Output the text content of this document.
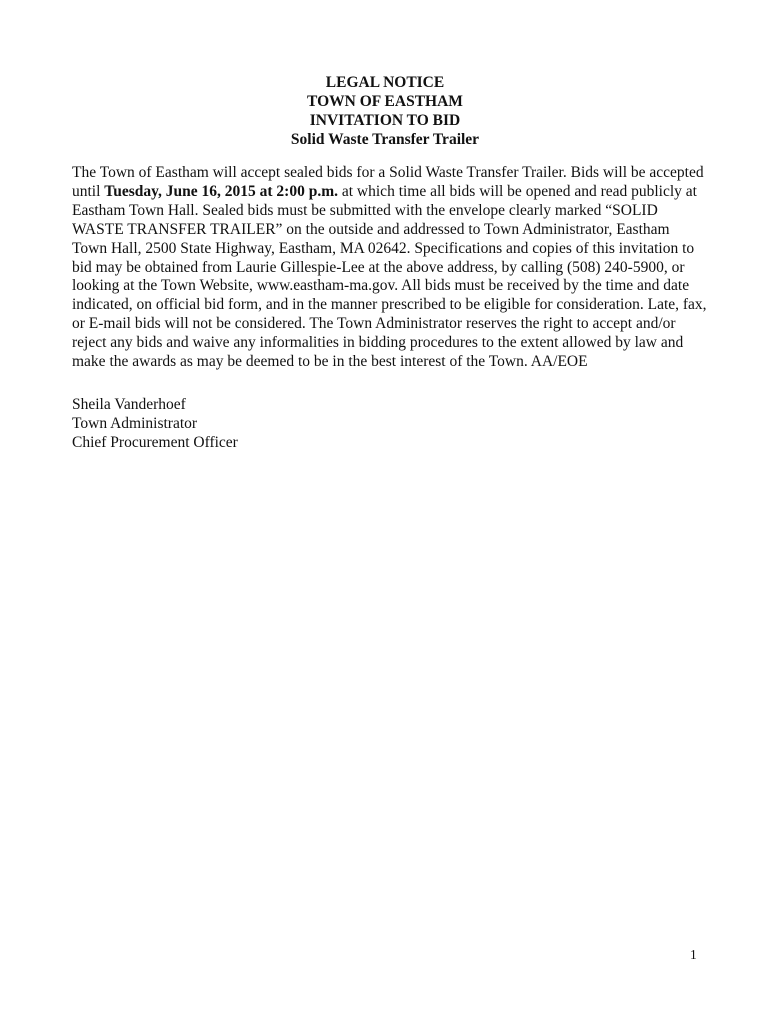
LEGAL NOTICE
TOWN OF EASTHAM
INVITATION TO BID
Solid Waste Transfer Trailer
The Town of Eastham will accept sealed bids for a Solid Waste Transfer Trailer. Bids will be accepted
until Tuesday, June 16, 2015 at 2:00 p.m. at which time all bids will be opened and read publicly at
Eastham Town Hall. Sealed bids must be submitted with the envelope clearly marked “SOLID
WASTE TRANSFER TRAILER” on the outside and addressed to Town Administrator, Eastham
Town Hall, 2500 State Highway, Eastham, MA 02642. Specifications and copies of this invitation to
bid may be obtained from Laurie Gillespie-Lee at the above address, by calling (508) 240-5900, or
looking at the Town Website, www.eastham-ma.gov. All bids must be received by the time and date
indicated, on official bid form, and in the manner prescribed to be eligible for consideration. Late, fax,
or E-mail bids will not be considered. The Town Administrator reserves the right to accept and/or
reject any bids and waive any informalities in bidding procedures to the extent allowed by law and
make the awards as may be deemed to be in the best interest of the Town. AA/EOE
Sheila Vanderhoef
Town Administrator
Chief Procurement Officer
1
